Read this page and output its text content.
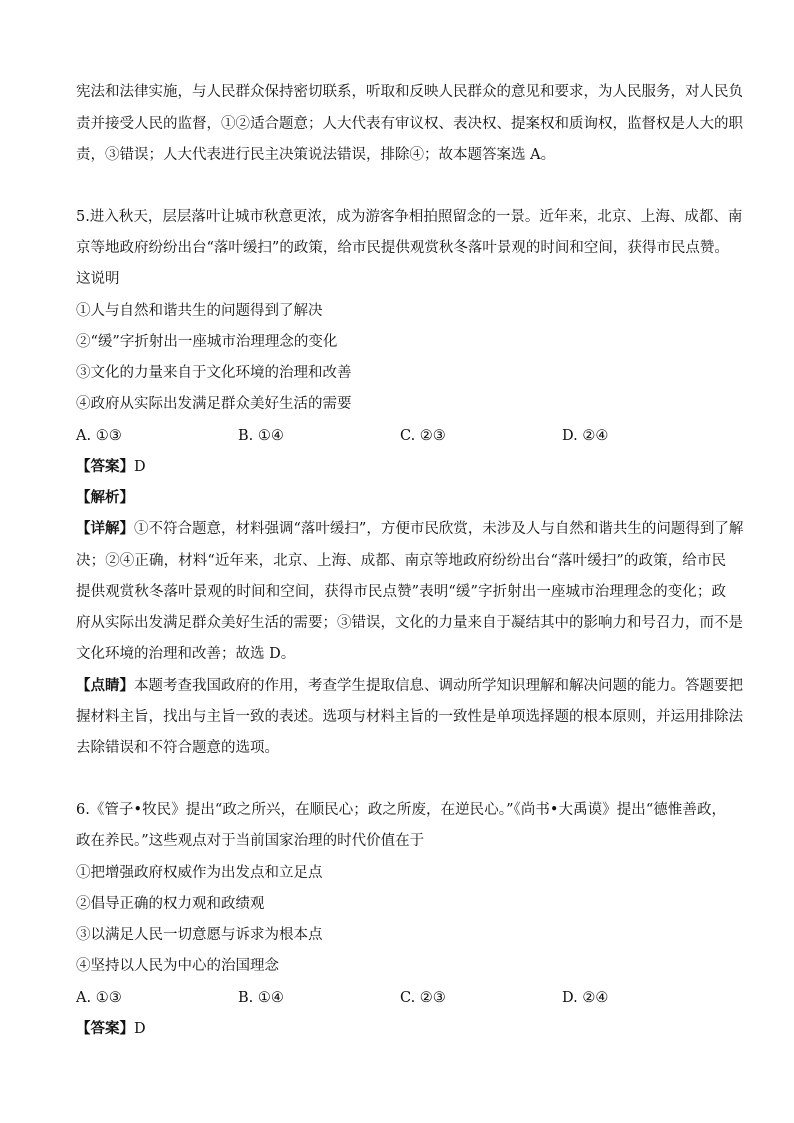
宪法和法律实施，与人民群众保持密切联系，听取和反映人民群众的意见和要求，为人民服务，对人民负
责并接受人民的监督，①②适合题意；人大代表有审议权、表决权、提案权和质询权，监督权是人大的职
责，③错误；人大代表进行民主决策说法错误，排除④；故本题答案选 A。
5.进入秋天，层层落叶让城市秋意更浓，成为游客争相拍照留念的一景。近年来，北京、上海、成都、南
京等地政府纷纷出台“落叶缓扫”的政策，给市民提供观赏秋冬落叶景观的时间和空间，获得市民点赞。
这说明
①人与自然和谐共生的问题得到了解决
②“缓”字折射出一座城市治理理念的变化
③文化的力量来自于文化环境的治理和改善
④政府从实际出发满足群众美好生活的需要
A. ①③	B. ①④	C. ②③	D. ②④
【答案】D
【解析】
【详解】①不符合题意，材料强调“落叶缓扫”，方便市民欣赏，未涉及人与自然和谐共生的问题得到了解
决；②④正确，材料“近年来，北京、上海、成都、南京等地政府纷纷出台“落叶缓扫”的政策，给市民
提供观赏秋冬落叶景观的时间和空间，获得市民点赞”表明“缓”字折射出一座城市治理理念的变化；政
府从实际出发满足群众美好生活的需要；③错误，文化的力量来自于凝结其中的影响力和号召力，而不是
文化环境的治理和改善；故选 D。
【点睛】本题考查我国政府的作用，考查学生提取信息、调动所学知识理解和解决问题的能力。答题要把
握材料主旨，找出与主旨一致的表述。选项与材料主旨的一致性是单项选择题的根本原则，并运用排除法
去除错误和不符合题意的选项。
6.《管子•牧民》提出“政之所兴，在顺民心；政之所废，在逆民心。”《尚书•大禹谟》提出“德惟善政，
政在养民。”这些观点对于当前国家治理的时代价值在于
①把增强政府权威作为出发点和立足点
②倡导正确的权力观和政绩观
③以满足人民一切意愿与诉求为根本点
④坚持以人民为中心的治国理念
A. ①③	B. ①④	C. ②③	D. ②④
【答案】D
